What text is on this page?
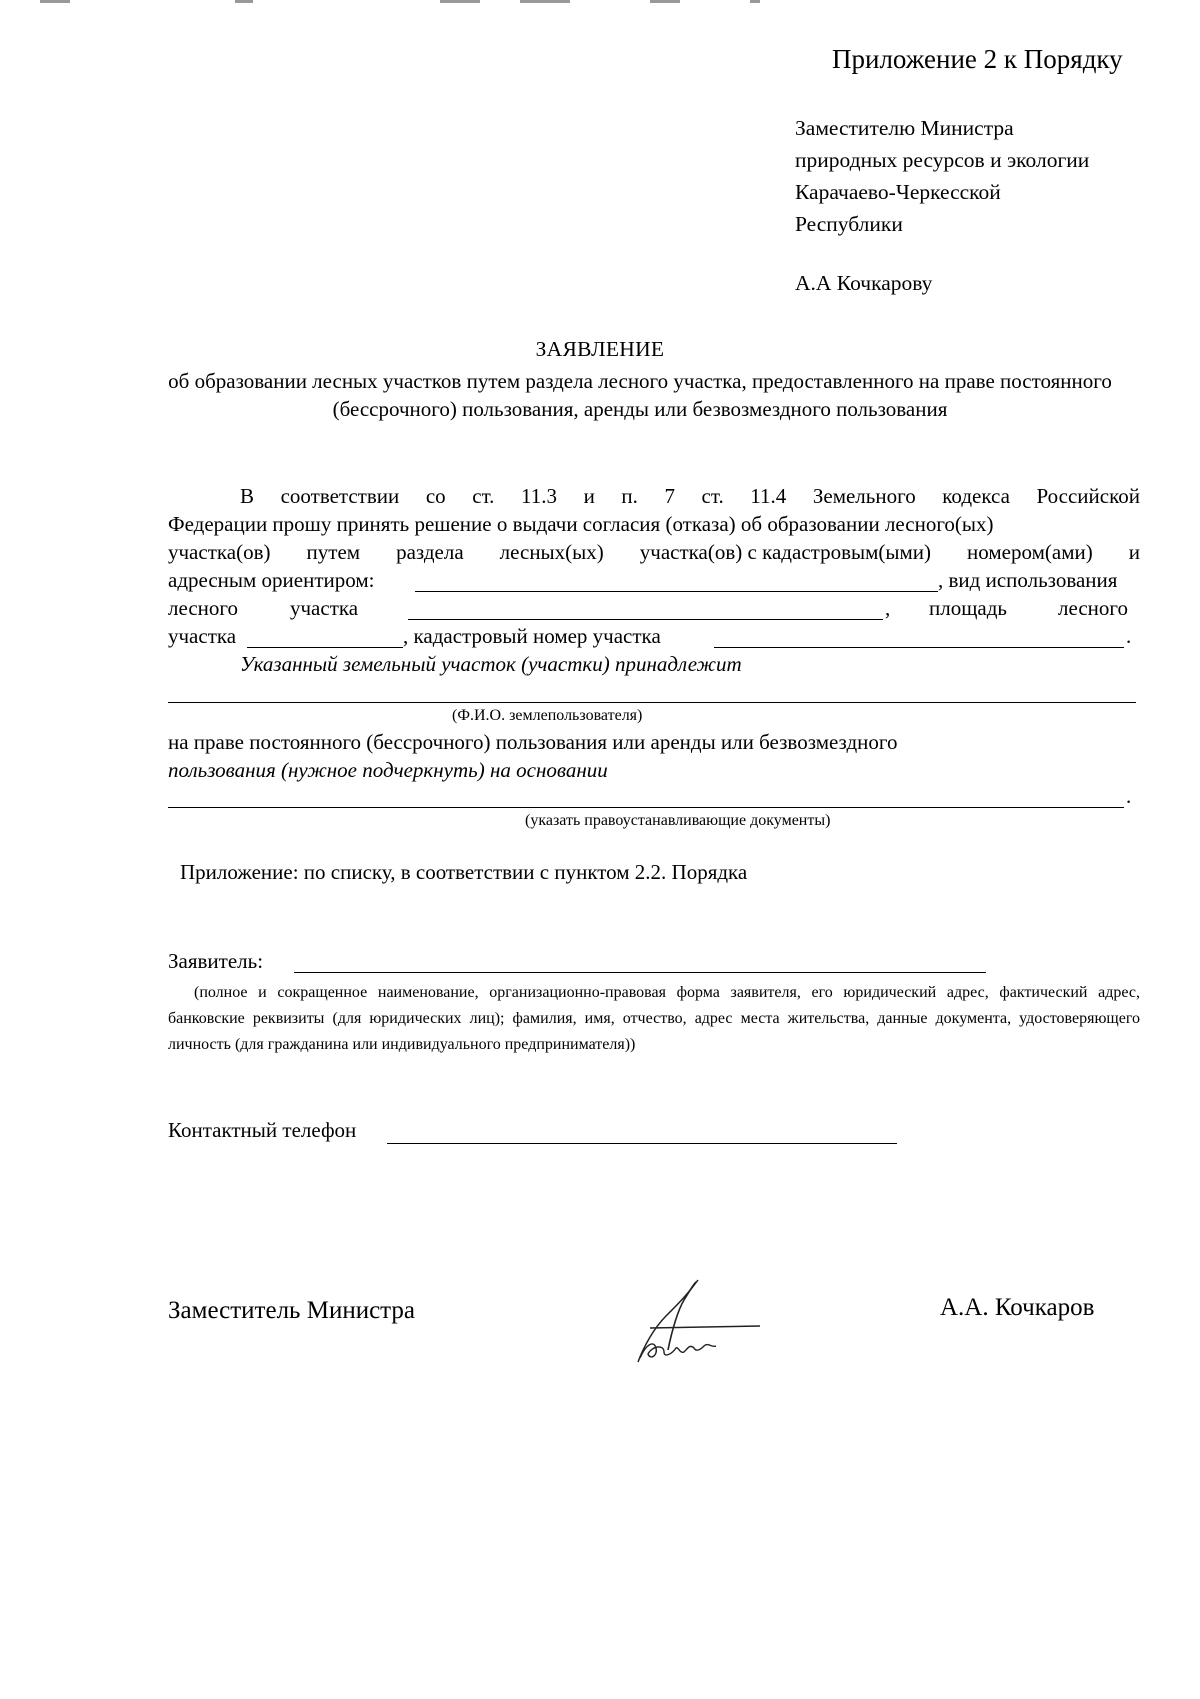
Приложение 2 к Порядку
Заместителю Министра
природных ресурсов и экологии
Карачаево-Черкесской
Республики
А.А Кочкарову
ЗАЯВЛЕНИЕ
об образовании лесных участков путем раздела лесного участка, предоставленного на праве постоянного (бессрочного) пользования, аренды или безвозмездного пользования
В соответствии со ст. 11.3 и п. 7 ст. 11.4 Земельного кодекса Российской
Федерации прошу принять решение о выдачи согласия (отказа) об образовании лесного(ых)
участка(ов) путем раздела лесных(ых) участка(ов) с кадастровым(ыми) номером(ами) и
адресным ориентиром:	, вид использования
лесного участка	, площадь лесного
участка	, кадастровый номер участка	.
Указанный земельный участок (участки) принадлежит
(Ф.И.О. землепользователя)
на праве постоянного (бессрочного) пользования или аренды или безвозмездного
пользования (нужное подчеркнуть) на основании
.
(указать правоустанавливающие документы)
Приложение: по списку, в соответствии с пунктом 2.2. Порядка
Заявитель:
(полное и сокращенное наименование, организационно-правовая форма заявителя, его юридический адрес, фактический адрес, банковские реквизиты (для юридических лиц); фамилия, имя, отчество, адрес места жительства, данные документа, удостоверяющего личность (для гражданина или индивидуального предпринимателя))
Контактный телефон
Заместитель Министра	А.А. Кочкаров
